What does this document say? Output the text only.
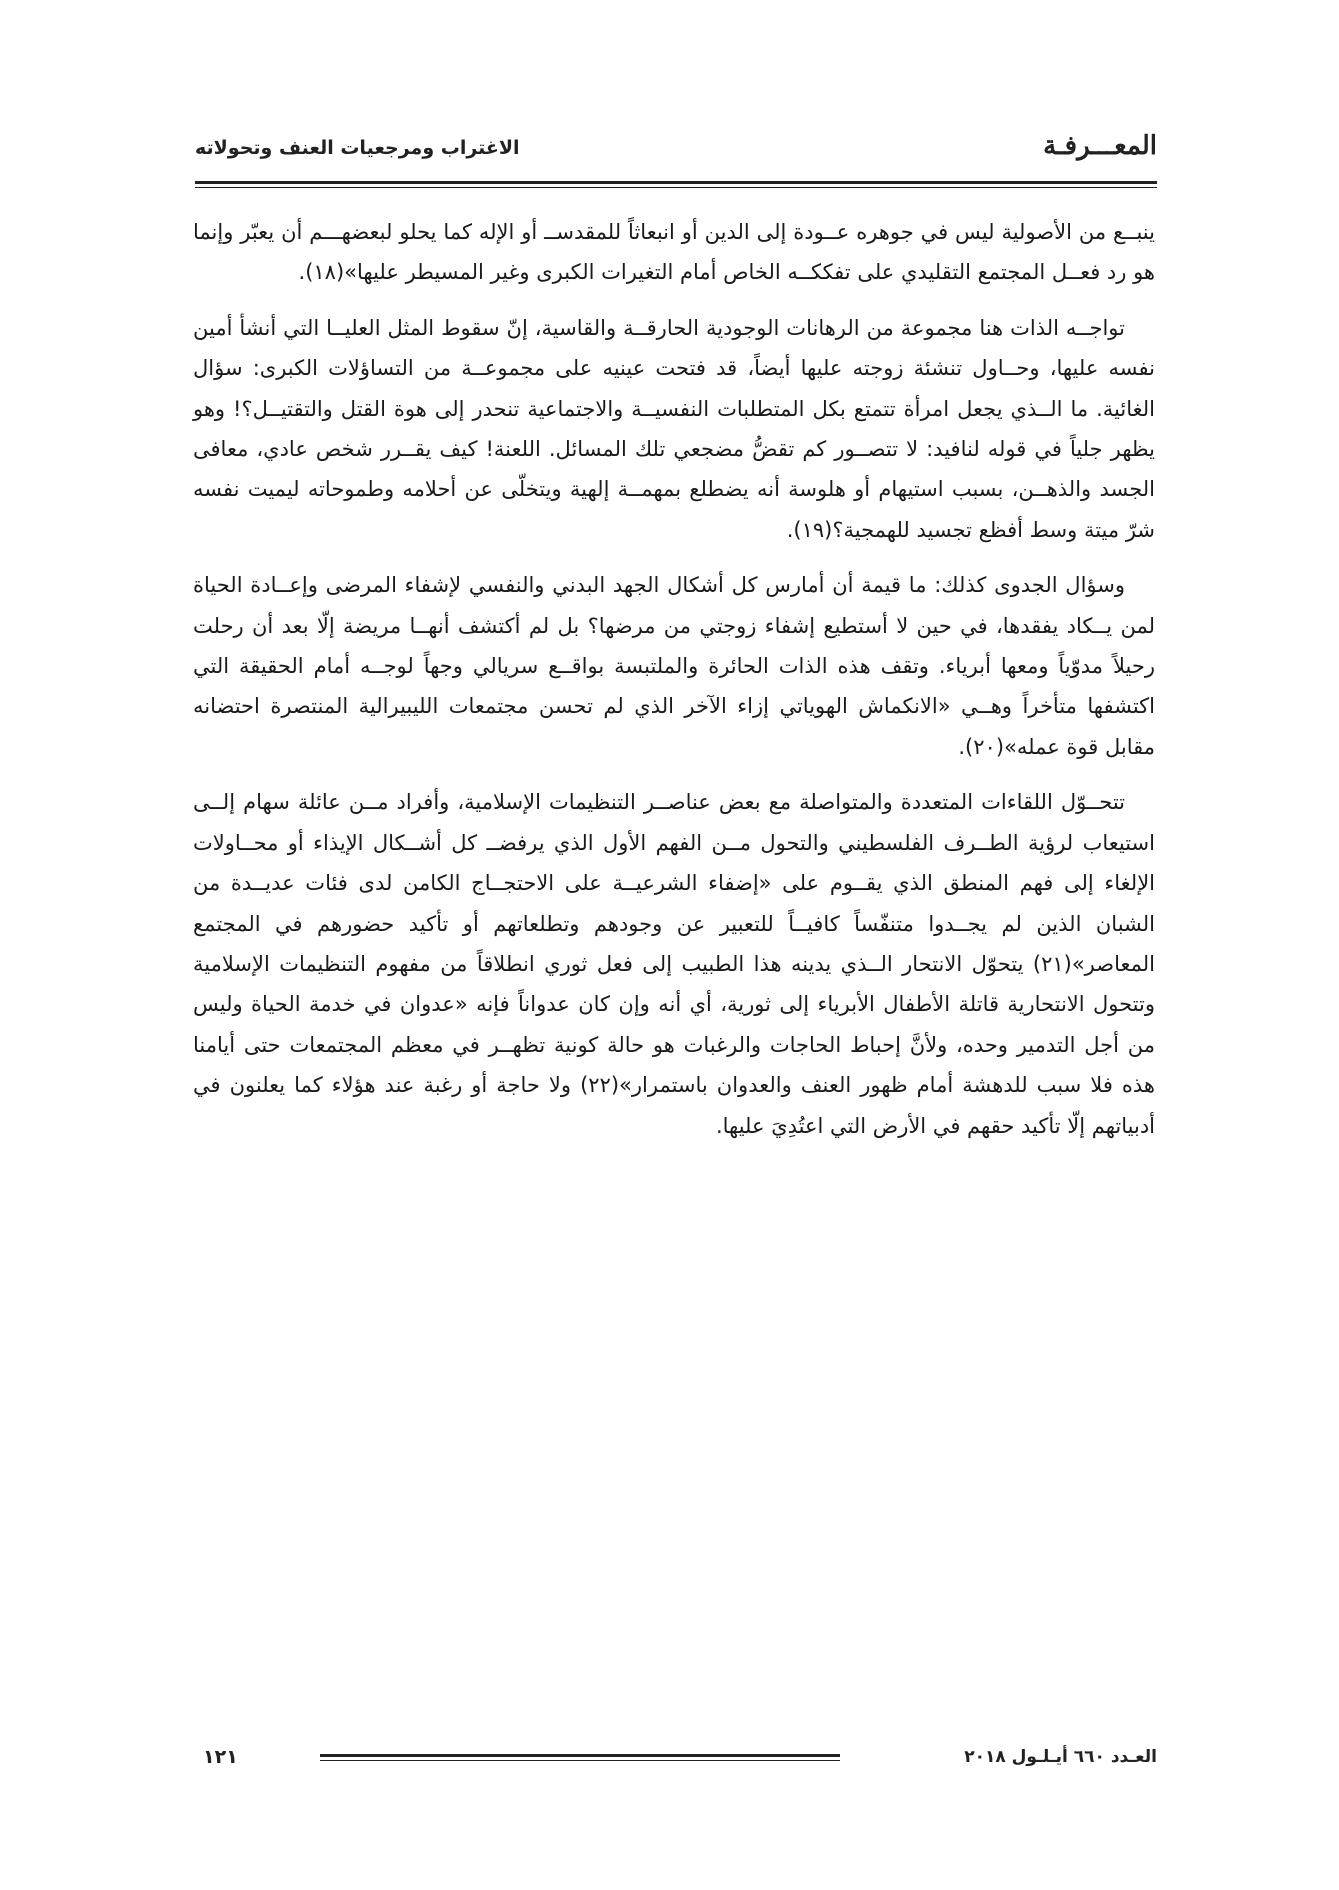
المعـــرفـة
الاغتراب ومرجعيات العنف وتحولاته

ينبــع من الأصولية ليس في جوهره عــودة إلى الدين أو انبعاثاً للمقدســ أو الإله كما يحلو لبعضهـــم أن يعبّر وإنما هو رد فعــل المجتمع التقليدي على تفككــه الخاص أمام التغيرات الكبرى وغير المسيطر عليها»(١٨).

تواجــه الذات هنا مجموعة من الرهانات الوجودية الحارقــة والقاسية، إنّ سقوط المثل العليــا التي أنشأ أمين نفسه عليها، وحــاول تنشئة زوجته عليها أيضاً، قد فتحت عينيه على مجموعــة من التساؤلات الكبرى: سؤال الغائية. ما الــذي يجعل امرأة تتمتع بكل المتطلبات النفسيــة والاجتماعية تنحدر إلى هوة القتل والتقتيــل؟! وهو يظهر جلياً في قوله لنافيد: لا تتصــور كم تقضُّ مضجعي تلك المسائل. اللعنة! كيف يقــرر شخص عادي، معافى الجسد والذهــن، بسبب استيهام أو هلوسة أنه يضطلع بمهمــة إلهية ويتخلّى عن أحلامه وطموحاته ليميت نفسه شرّ ميتة وسط أفظع تجسيد للهمجية؟(١٩).

وسؤال الجدوى كذلك: ما قيمة أن أمارس كل أشكال الجهد البدني والنفسي لإشفاء المرضى وإعــادة الحياة لمن يــكاد يفقدها، في حين لا أستطيع إشفاء زوجتي من مرضها؟ بل لم أكتشف أنهــا مريضة إلّا بعد أن رحلت رحيلاً مدوّياً ومعها أبرياء. وتقف هذه الذات الحائرة والملتبسة بواقــع سريالي وجهاً لوجــه أمام الحقيقة التي اكتشفها متأخراً وهــي «الانكماش الهوياتي إزاء الآخر الذي لم تحسن مجتمعات الليبيرالية المنتصرة احتضانه مقابل قوة عمله»(٢٠).

تتحــوّل اللقاءات المتعددة والمتواصلة مع بعض عناصــر التنظيمات الإسلامية، وأفراد مــن عائلة سهام إلــى استيعاب لرؤية الطــرف الفلسطيني والتحول مــن الفهم الأول الذي يرفضــ كل أشــكال الإيذاء أو محــاولات الإلغاء إلى فهم المنطق الذي يقــوم على «إضفاء الشرعيــة على الاحتجــاج الكامن لدى فئات عديــدة من الشبان الذين لم يجــدوا متنفّساً كافيــاً للتعبير عن وجودهم وتطلعاتهم أو تأكيد حضورهم في المجتمع المعاصر»(٢١) يتحوّل الانتحار الــذي يدينه هذا الطبيب إلى فعل ثوري انطلاقاً من مفهوم التنظيمات الإسلامية وتتحول الانتحارية قاتلة الأطفال الأبرياء إلى ثورية، أي أنه وإن كان عدواناً فإنه «عدوان في خدمة الحياة وليس من أجل التدمير وحده، ولأنَّ إحباط الحاجات والرغبات هو حالة كونية تظهــر في معظم المجتمعات حتى أيامنا هذه فلا سبب للدهشة أمام ظهور العنف والعدوان باستمرار»(٢٢) ولا حاجة أو رغبة عند هؤلاء كما يعلنون في أدبياتهم إلّا تأكيد حقهم في الأرض التي اعتُدِيَ عليها.

العـدد ٦٦٠ أيـلـول ٢٠١٨
١٢١
